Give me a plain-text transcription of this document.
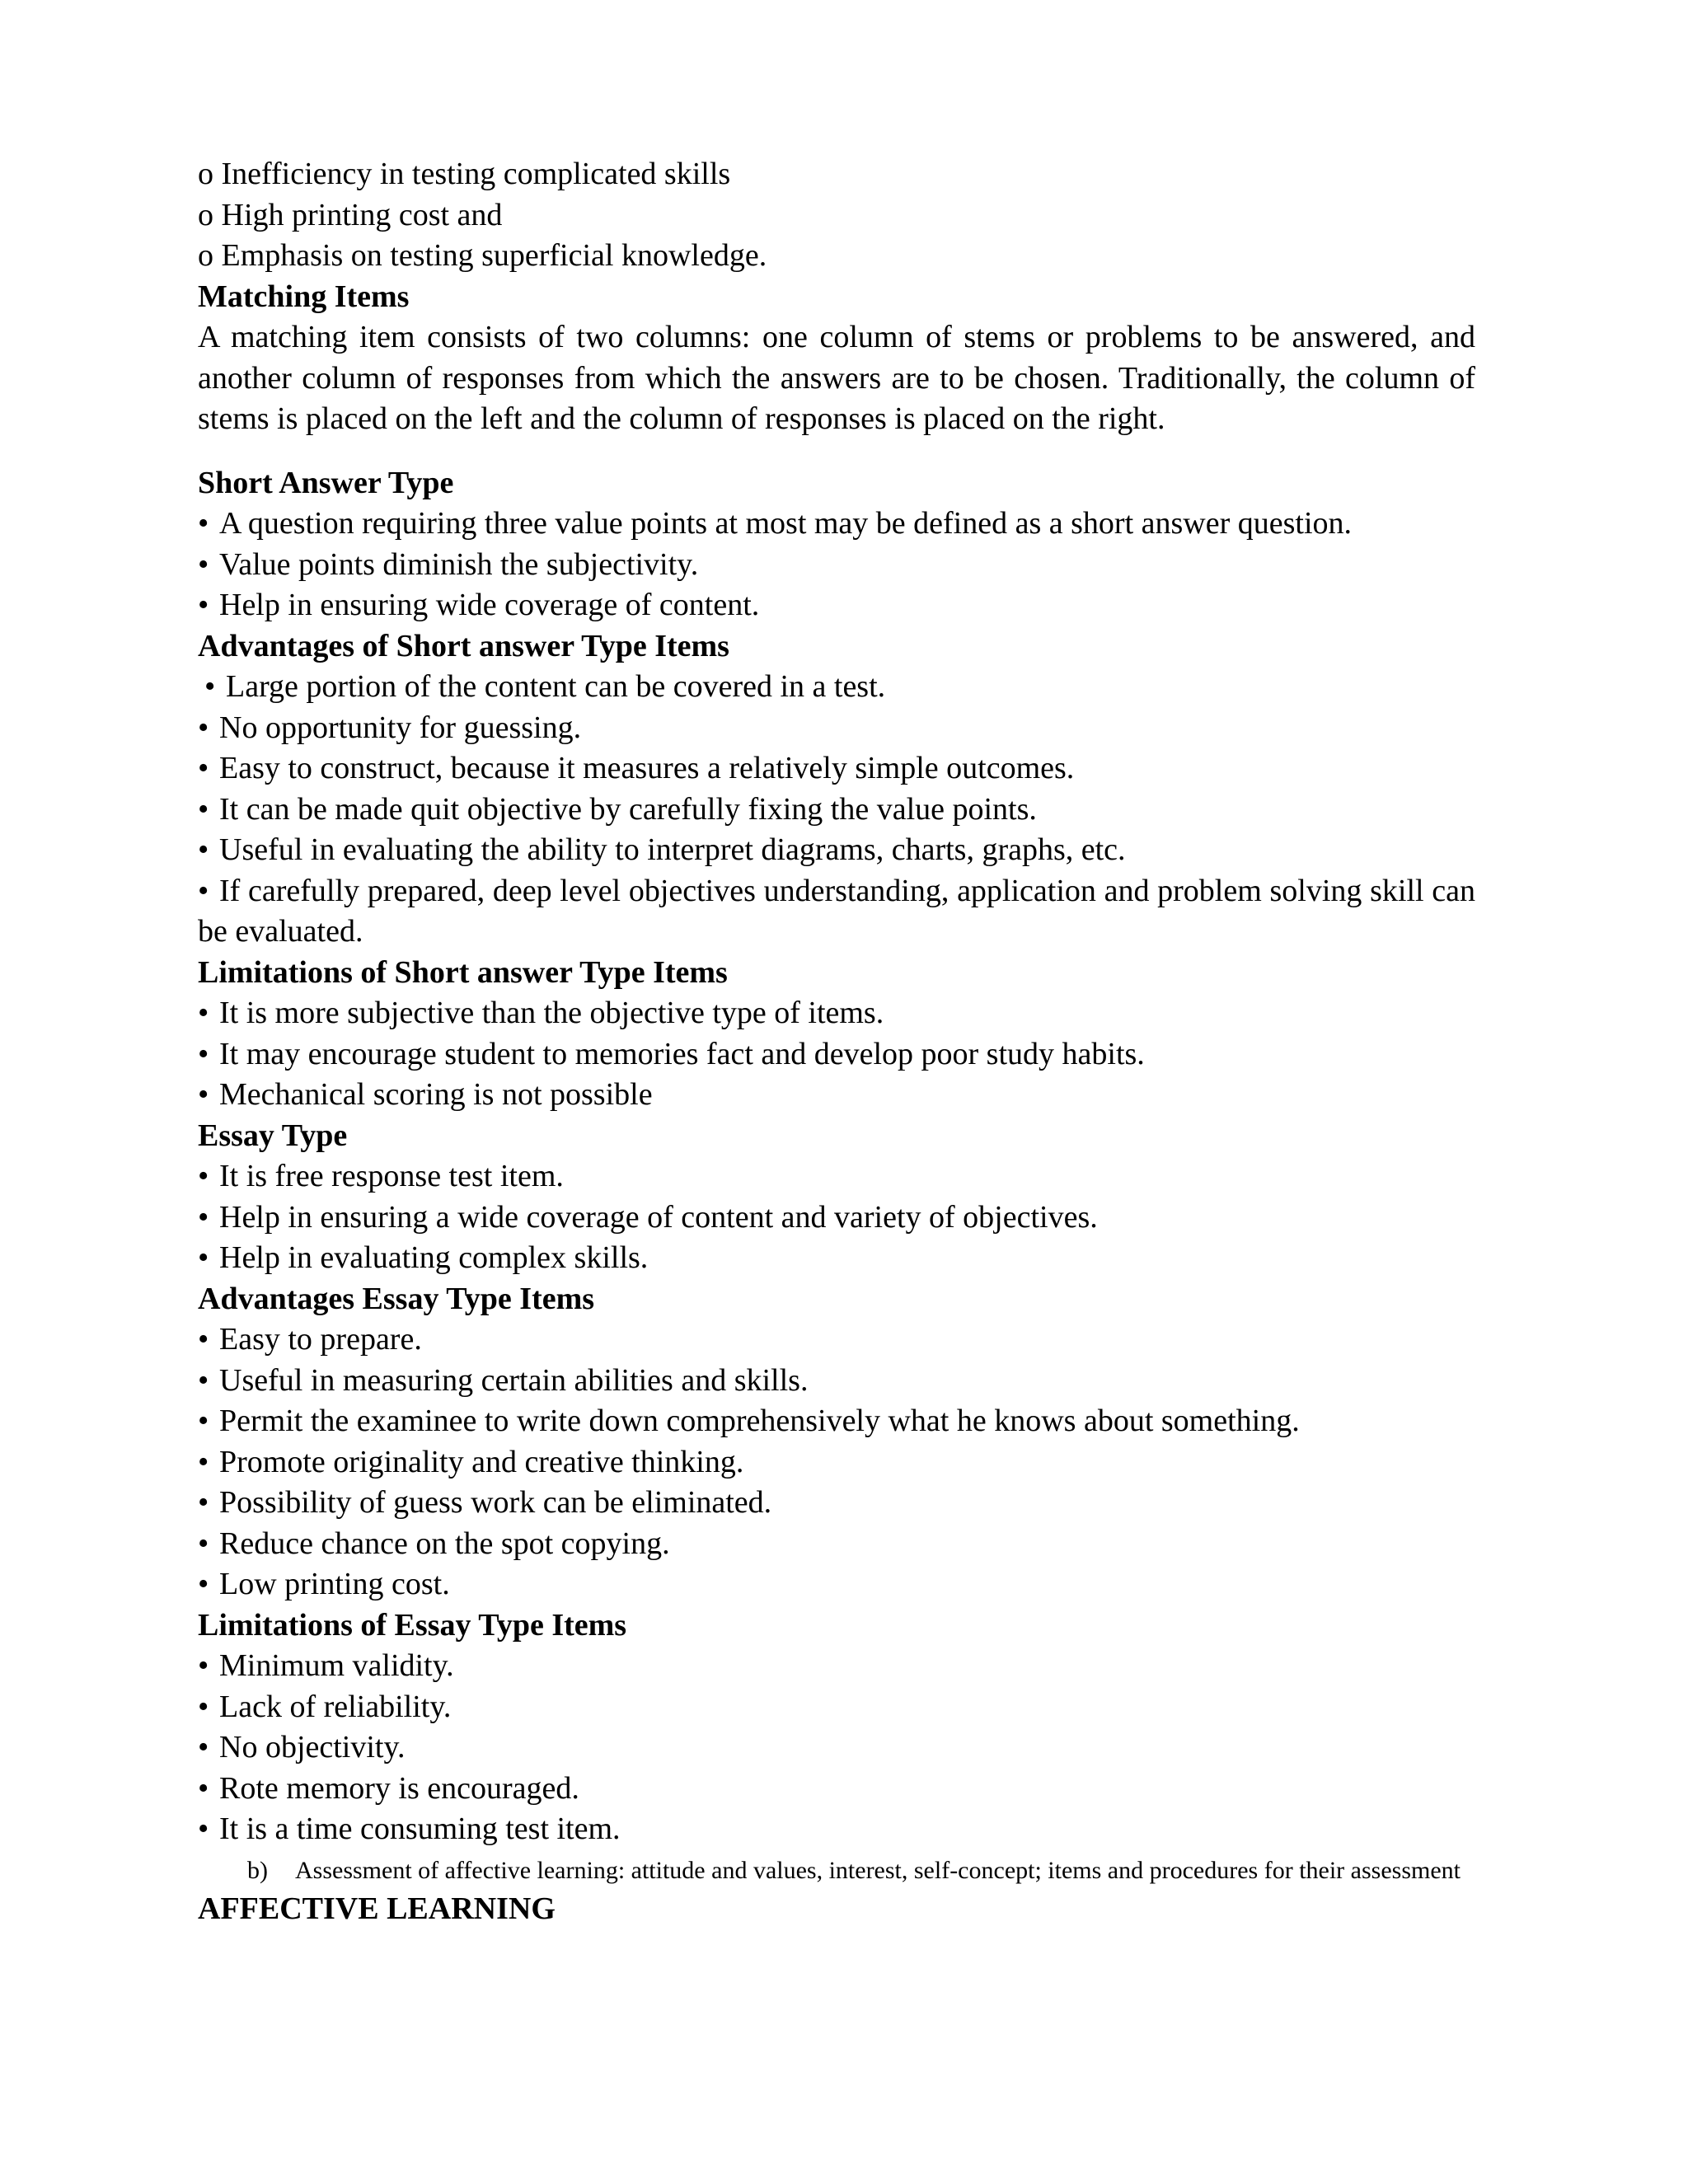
o Inefficiency in testing complicated skills
o High printing cost and
o Emphasis on testing superficial knowledge.
Matching Items
A matching item consists of two columns: one column of stems or problems to be answered, and another column of responses from which the answers are to be chosen. Traditionally, the column of stems is placed on the left and the column of responses is placed on the right.
Short Answer Type
• A question requiring three value points at most may be defined as a short answer question.
• Value points diminish the subjectivity.
• Help in ensuring wide coverage of content.
Advantages of Short answer Type Items
• Large portion of the content can be covered in a test.
• No opportunity for guessing.
• Easy to construct, because it measures a relatively simple outcomes.
• It can be made quit objective by carefully fixing the value points.
• Useful in evaluating the ability to interpret diagrams, charts, graphs, etc.
• If carefully prepared, deep level objectives understanding, application and problem solving skill can be evaluated.
Limitations of Short answer Type Items
• It is more subjective than the objective type of items.
• It may encourage student to memories fact and develop poor study habits.
• Mechanical scoring is not possible
Essay Type
• It is free response test item.
• Help in ensuring a wide coverage of content and variety of objectives.
• Help in evaluating complex skills.
Advantages Essay Type Items
• Easy to prepare.
• Useful in measuring certain abilities and skills.
• Permit the examinee to write down comprehensively what he knows about something.
• Promote originality and creative thinking.
• Possibility of guess work can be eliminated.
• Reduce chance on the spot copying.
• Low printing cost.
Limitations of Essay Type Items
• Minimum validity.
• Lack of reliability.
• No objectivity.
• Rote memory is encouraged.
• It is a time consuming test item.
b) Assessment of affective learning: attitude and values, interest, self-concept; items and procedures for their assessment
AFFECTIVE LEARNING
